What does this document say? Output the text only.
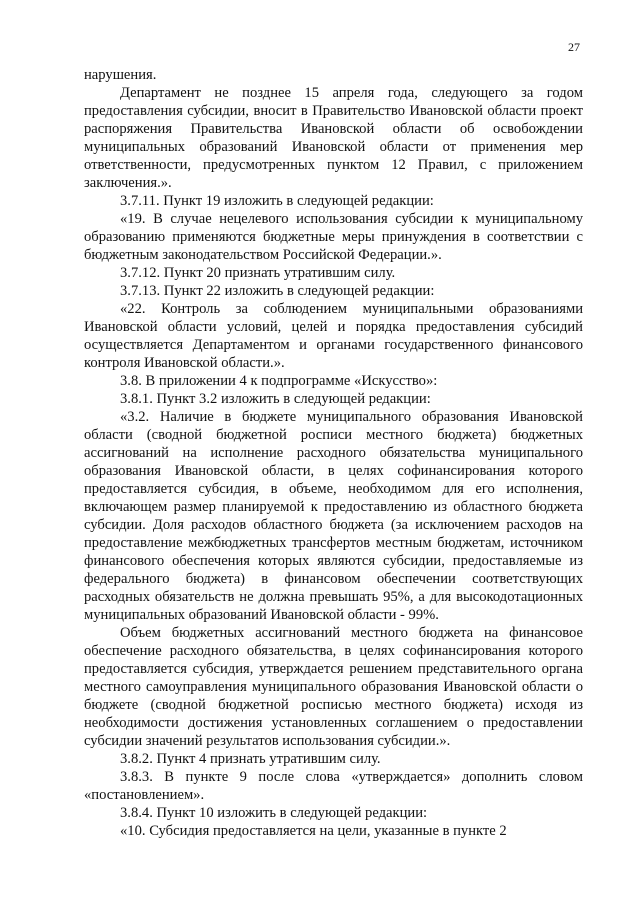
27

нарушения.

Департамент не позднее 15 апреля года, следующего за годом предоставления субсидии, вносит в Правительство Ивановской области проект распоряжения Правительства Ивановской области об освобождении муниципальных образований Ивановской области от применения мер ответственности, предусмотренных пунктом 12 Правил, с приложением заключения.».

3.7.11. Пункт 19 изложить в следующей редакции:

«19. В случае нецелевого использования субсидии к муниципальному образованию применяются бюджетные меры принуждения в соответствии с бюджетным законодательством Российской Федерации.».

3.7.12. Пункт 20 признать утратившим силу.

3.7.13. Пункт 22 изложить в следующей редакции:

«22. Контроль за соблюдением муниципальными образованиями Ивановской области условий, целей и порядка предоставления субсидий осуществляется Департаментом и органами государственного финансового контроля Ивановской области.».

3.8. В приложении 4 к подпрограмме «Искусство»:

3.8.1. Пункт 3.2 изложить в следующей редакции:

«3.2. Наличие в бюджете муниципального образования Ивановской области (сводной бюджетной росписи местного бюджета) бюджетных ассигнований на исполнение расходного обязательства муниципального образования Ивановской области, в целях софинансирования которого предоставляется субсидия, в объеме, необходимом для его исполнения, включающем размер планируемой к предоставлению из областного бюджета субсидии. Доля расходов областного бюджета (за исключением расходов на предоставление межбюджетных трансфертов местным бюджетам, источником финансового обеспечения которых являются субсидии, предоставляемые из федерального бюджета) в финансовом обеспечении соответствующих расходных обязательств не должна превышать 95%, а для высокодотационных муниципальных образований Ивановской области - 99%.

Объем бюджетных ассигнований местного бюджета на финансовое обеспечение расходного обязательства, в целях софинансирования которого предоставляется субсидия, утверждается решением представительного органа местного самоуправления муниципального образования Ивановской области о бюджете (сводной бюджетной росписью местного бюджета) исходя из необходимости достижения установленных соглашением о предоставлении субсидии значений результатов использования субсидии.».

3.8.2. Пункт 4 признать утратившим силу.

3.8.3. В пункте 9 после слова «утверждается» дополнить словом «постановлением».

3.8.4. Пункт 10 изложить в следующей редакции:

«10. Субсидия предоставляется на цели, указанные в пункте 2
